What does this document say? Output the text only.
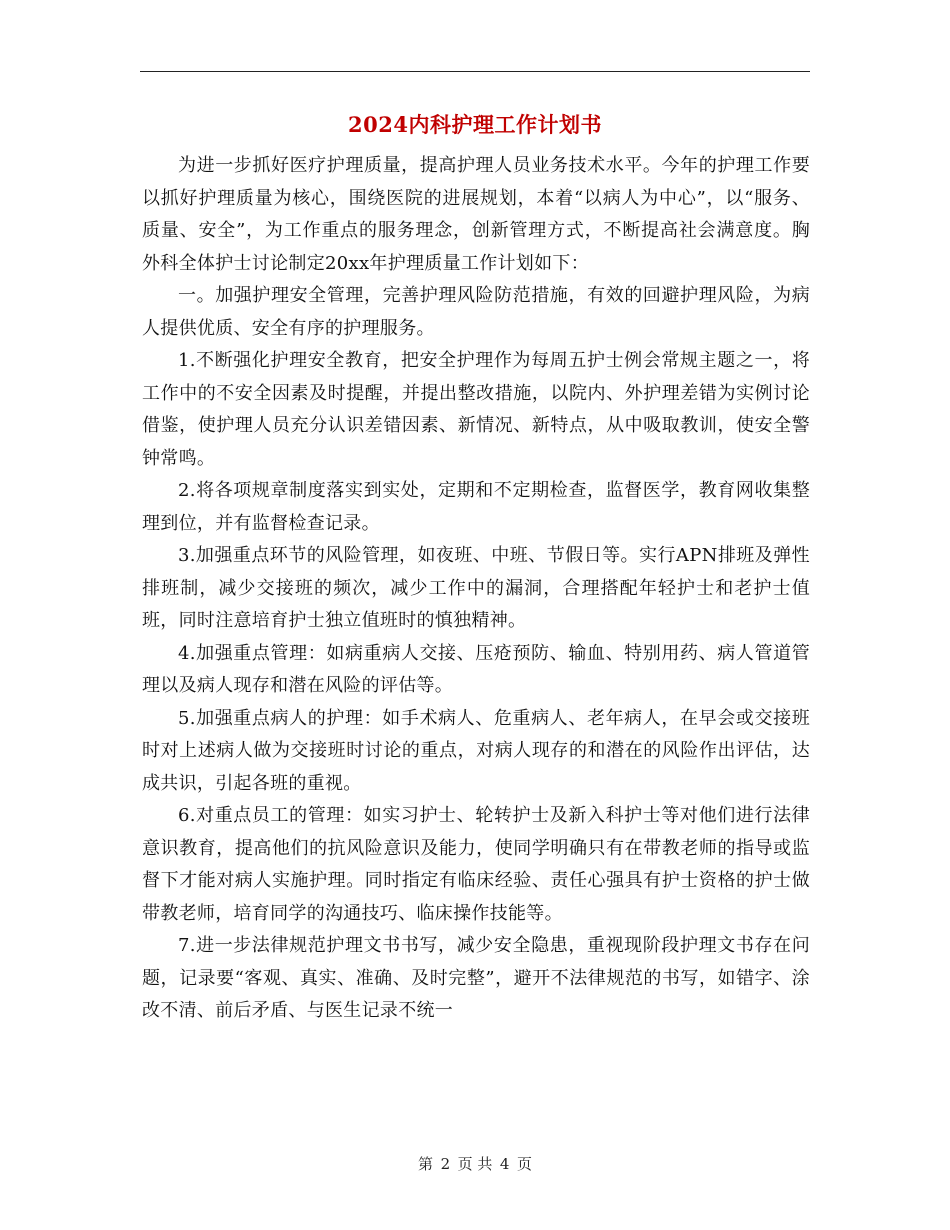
2024内科护理工作计划书

为进一步抓好医疗护理质量，提高护理人员业务技术水平。今年的护理工作要以抓好护理质量为核心，围绕医院的进展规划，本着“以病人为中心”，以“服务、质量、安全”，为工作重点的服务理念，创新管理方式，不断提高社会满意度。胸外科全体护士讨论制定20xx年护理质量工作计划如下：

一。加强护理安全管理，完善护理风险防范措施，有效的回避护理风险，为病人提供优质、安全有序的护理服务。

1.不断强化护理安全教育，把安全护理作为每周五护士例会常规主题之一，将工作中的不安全因素及时提醒，并提出整改措施，以院内、外护理差错为实例讨论借鉴，使护理人员充分认识差错因素、新情况、新特点，从中吸取教训，使安全警钟常鸣。

2.将各项规章制度落实到实处，定期和不定期检查，监督医学，教育网收集整理到位，并有监督检查记录。

3.加强重点环节的风险管理，如夜班、中班、节假日等。实行APN排班及弹性排班制，减少交接班的频次，减少工作中的漏洞，合理搭配年轻护士和老护士值班，同时注意培育护士独立值班时的慎独精神。

4.加强重点管理：如病重病人交接、压疮预防、输血、特别用药、病人管道管理以及病人现存和潜在风险的评估等。

5.加强重点病人的护理：如手术病人、危重病人、老年病人，在早会或交接班时对上述病人做为交接班时讨论的重点，对病人现存的和潜在的风险作出评估，达成共识，引起各班的重视。

6.对重点员工的管理：如实习护士、轮转护士及新入科护士等对他们进行法律意识教育，提高他们的抗风险意识及能力，使同学明确只有在带教老师的指导或监督下才能对病人实施护理。同时指定有临床经验、责任心强具有护士资格的护士做带教老师，培育同学的沟通技巧、临床操作技能等。

7.进一步法律规范护理文书书写，减少安全隐患，重视现阶段护理文书存在问题，记录要“客观、真实、准确、及时完整”，避开不法律规范的书写，如错字、涂改不清、前后矛盾、与医生记录不统一

第 2 页 共 4 页
